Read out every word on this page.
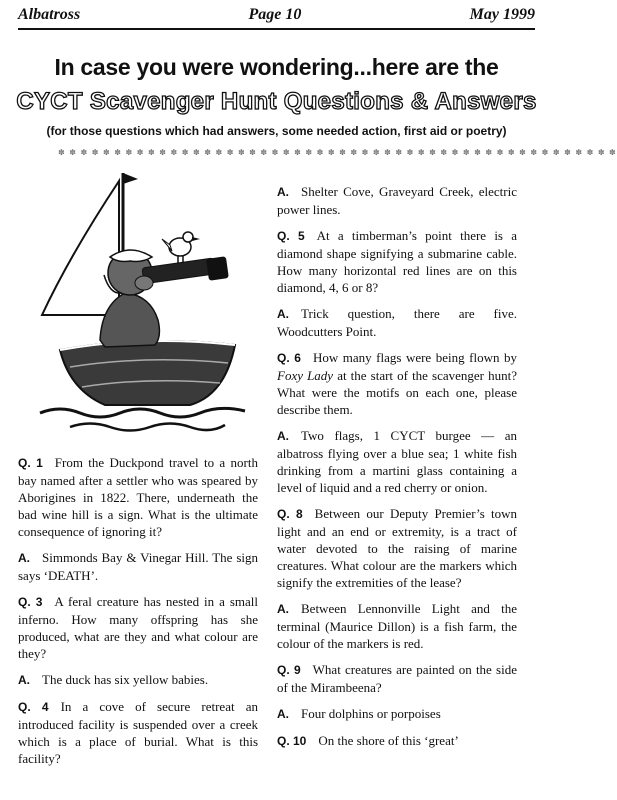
Albatross	Page 10	May 1999
In case you were wondering...here are the
CYCT Scavenger Hunt Questions & Answers
(for those questions which had answers, some needed action, first aid or poetry)
✽ ✽ ✽ ✽ ✽ ✽ ✽ ✽ ✽ ✽ ✽ ✽ ✽ ✽ ✽ ✽ ✽ ✽ ✽ ✽ ✽ ✽ ✽ ✽ ✽ ✽ ✽ ✽ ✽ ✽ ✽ ✽ ✽ ✽ ✽ ✽ ✽ ✽ ✽ ✽ ✽ ✽ ✽ ✽ ✽ ✽ ✽ ✽ ✽ ✽

Q. 1 From the Duckpond travel to a north bay named after a settler who was speared by Aborigines in 1822. There, underneath the bad wine hill is a sign. What is the ultimate consequence of ignoring it?

A. Simmonds Bay & Vinegar Hill. The sign says ‘DEATH’.

Q. 3 A feral creature has nested in a small inferno. How many offspring has she produced, what are they and what colour are they?

A. The duck has six yellow babies.

Q. 4 In a cove of secure retreat an introduced facility is suspended over a creek which is a place of burial. What is this facility?

A. Shelter Cove, Graveyard Creek, electric power lines.

Q. 5 At a timberman’s point there is a diamond shape signifying a submarine cable. How many horizontal red lines are on this diamond, 4, 6 or 8?

A. Trick question, there are five. Woodcutters Point.

Q. 6 How many flags were being flown by Foxy Lady at the start of the scavenger hunt? What were the motifs on each one, please describe them.

A. Two flags, 1 CYCT burgee — an albatross flying over a blue sea; 1 white fish drinking from a martini glass containing a level of liquid and a red cherry or onion.

Q. 8 Between our Deputy Premier’s town light and an end or extremity, is a tract of water devoted to the raising of marine creatures. What colour are the markers which signify the extremities of the lease?

A. Between Lennonville Light and the terminal (Maurice Dillon) is a fish farm, the colour of the markers is red.

Q. 9 What creatures are painted on the side of the Mirambeena?

A. Four dolphins or porpoises

Q. 10 On the shore of this ‘great’
